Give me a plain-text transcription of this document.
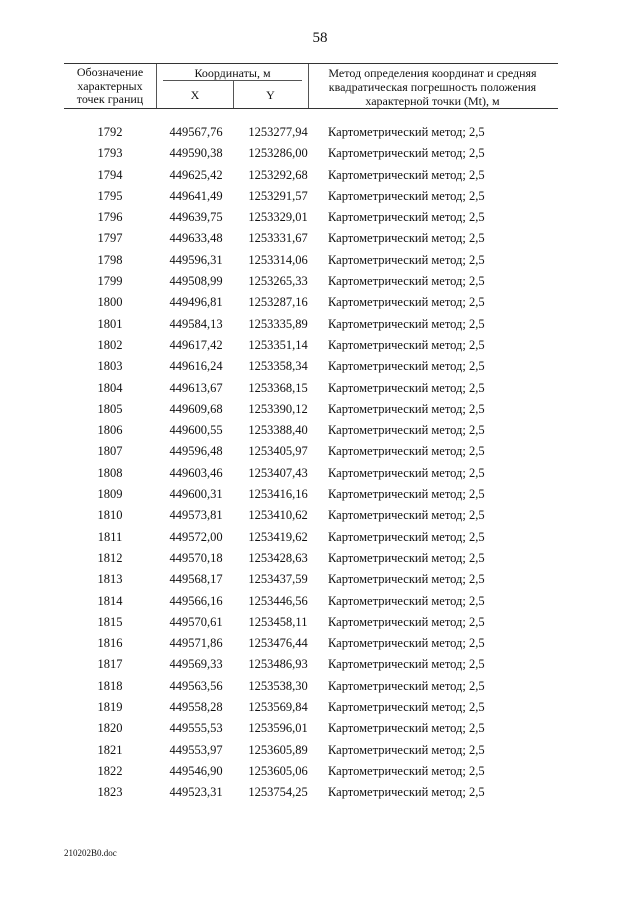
58
Обозначение характерных точек границ
Координаты, м
X	Y
Метод определения координат и средняя квадратическая погрешность положения характерной точки (Mt), м
1792	449567,76	1253277,94	Картометрический метод; 2,5
1793	449590,38	1253286,00	Картометрический метод; 2,5
1794	449625,42	1253292,68	Картометрический метод; 2,5
1795	449641,49	1253291,57	Картометрический метод; 2,5
1796	449639,75	1253329,01	Картометрический метод; 2,5
1797	449633,48	1253331,67	Картометрический метод; 2,5
1798	449596,31	1253314,06	Картометрический метод; 2,5
1799	449508,99	1253265,33	Картометрический метод; 2,5
1800	449496,81	1253287,16	Картометрический метод; 2,5
1801	449584,13	1253335,89	Картометрический метод; 2,5
1802	449617,42	1253351,14	Картометрический метод; 2,5
1803	449616,24	1253358,34	Картометрический метод; 2,5
1804	449613,67	1253368,15	Картометрический метод; 2,5
1805	449609,68	1253390,12	Картометрический метод; 2,5
1806	449600,55	1253388,40	Картометрический метод; 2,5
1807	449596,48	1253405,97	Картометрический метод; 2,5
1808	449603,46	1253407,43	Картометрический метод; 2,5
1809	449600,31	1253416,16	Картометрический метод; 2,5
1810	449573,81	1253410,62	Картометрический метод; 2,5
1811	449572,00	1253419,62	Картометрический метод; 2,5
1812	449570,18	1253428,63	Картометрический метод; 2,5
1813	449568,17	1253437,59	Картометрический метод; 2,5
1814	449566,16	1253446,56	Картометрический метод; 2,5
1815	449570,61	1253458,11	Картометрический метод; 2,5
1816	449571,86	1253476,44	Картометрический метод; 2,5
1817	449569,33	1253486,93	Картометрический метод; 2,5
1818	449563,56	1253538,30	Картометрический метод; 2,5
1819	449558,28	1253569,84	Картометрический метод; 2,5
1820	449555,53	1253596,01	Картометрический метод; 2,5
1821	449553,97	1253605,89	Картометрический метод; 2,5
1822	449546,90	1253605,06	Картометрический метод; 2,5
1823	449523,31	1253754,25	Картометрический метод; 2,5
210202B0.doc
